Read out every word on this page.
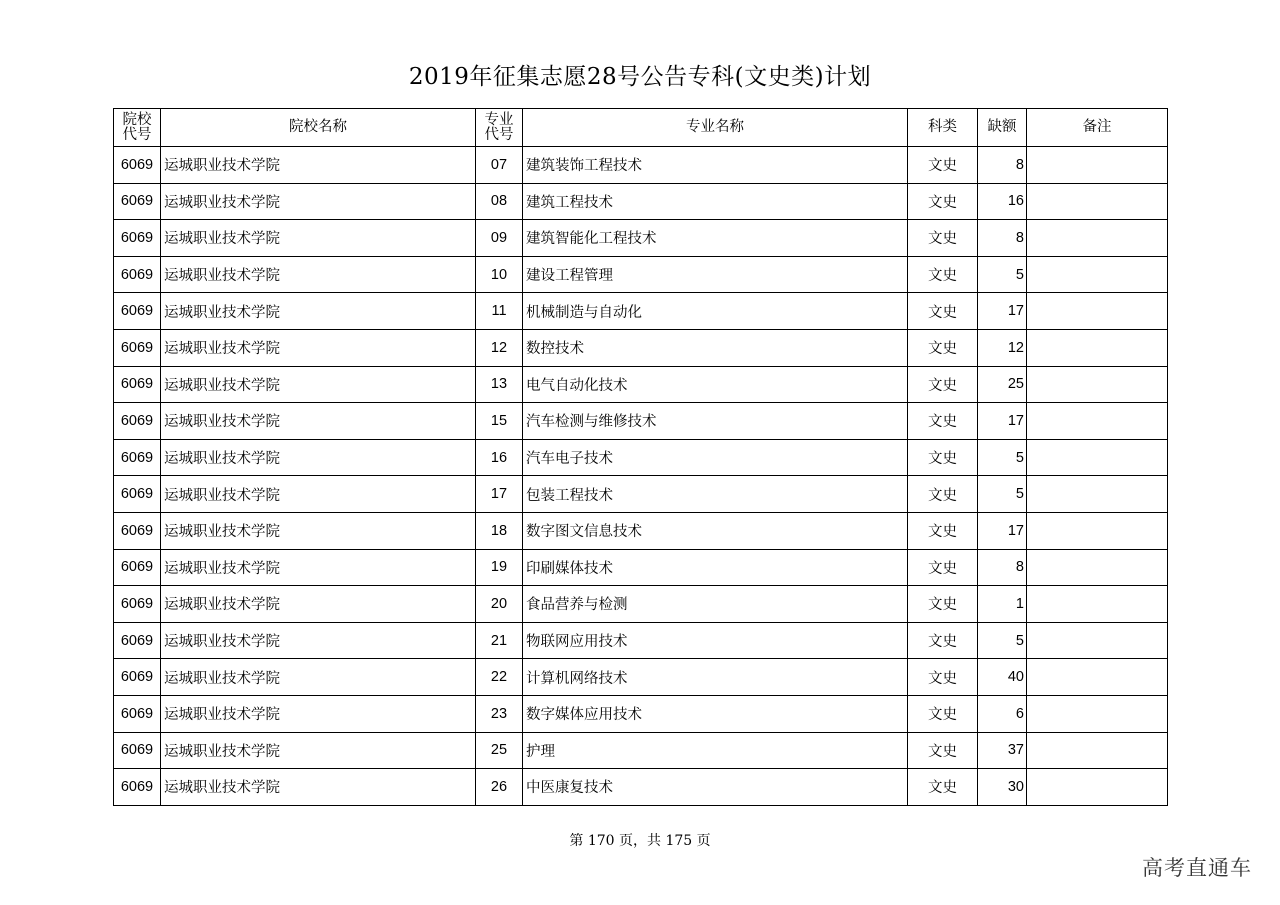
2019年征集志愿28号公告专科(文史类)计划
院校代号	院校名称	专业代号	专业名称	科类	缺额	备注
6069	运城职业技术学院	07	建筑装饰工程技术	文史	8	
6069	运城职业技术学院	08	建筑工程技术	文史	16	
6069	运城职业技术学院	09	建筑智能化工程技术	文史	8	
6069	运城职业技术学院	10	建设工程管理	文史	5	
6069	运城职业技术学院	11	机械制造与自动化	文史	17	
6069	运城职业技术学院	12	数控技术	文史	12	
6069	运城职业技术学院	13	电气自动化技术	文史	25	
6069	运城职业技术学院	15	汽车检测与维修技术	文史	17	
6069	运城职业技术学院	16	汽车电子技术	文史	5	
6069	运城职业技术学院	17	包装工程技术	文史	5	
6069	运城职业技术学院	18	数字图文信息技术	文史	17	
6069	运城职业技术学院	19	印刷媒体技术	文史	8	
6069	运城职业技术学院	20	食品营养与检测	文史	1	
6069	运城职业技术学院	21	物联网应用技术	文史	5	
6069	运城职业技术学院	22	计算机网络技术	文史	40	
6069	运城职业技术学院	23	数字媒体应用技术	文史	6	
6069	运城职业技术学院	25	护理	文史	37	
6069	运城职业技术学院	26	中医康复技术	文史	30	
第 170 页，共 175 页
高考直通车
